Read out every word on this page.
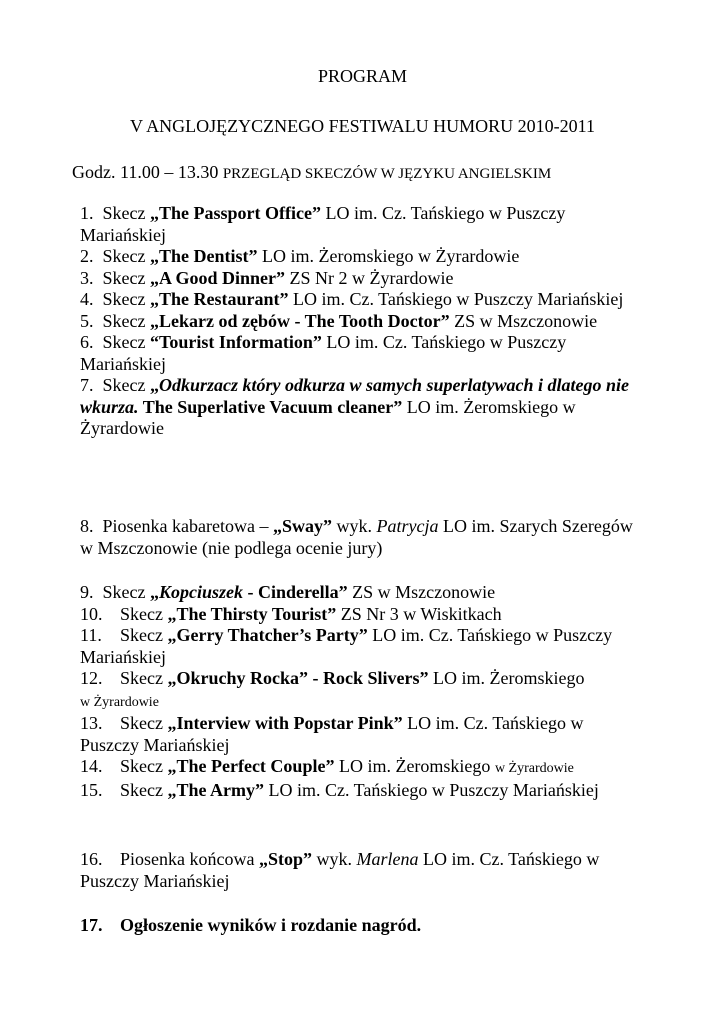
PROGRAM
V ANGLOJĘZYCZNEGO FESTIWALU HUMORU 2010-2011
Godz. 11.00 – 13.30 PRZEGLĄD SKECZÓW W JĘZYKU ANGIELSKIM

1. Skecz „The Passport Office” LO im. Cz. Tańskiego w Puszczy Mariańskiej

2. Skecz „The Dentist” LO im. Żeromskiego w Żyrardowie

3. Skecz „A Good Dinner” ZS Nr 2 w Żyrardowie

4. Skecz „The Restaurant” LO im. Cz. Tańskiego w Puszczy Mariańskiej

5. Skecz „Lekarz od zębów - The Tooth Doctor” ZS w Mszczonowie

6. Skecz “Tourist Information” LO im. Cz. Tańskiego w Puszczy Mariańskiej

7. Skecz „Odkurzacz który odkurza w samych superlatywach i dlatego nie wkurza. The Superlative Vacuum cleaner” LO im. Żeromskiego w Żyrardowie

8. Piosenka kabaretowa – „Sway” wyk. Patrycja LO im. Szarych Szeregów w Mszczonowie (nie podlega ocenie jury)

9. Skecz „Kopciuszek - Cinderella” ZS w Mszczonowie

10. Skecz „The Thirsty Tourist” ZS Nr 3 w Wiskitkach

11. Skecz „Gerry Thatcher’s Party” LO im. Cz. Tańskiego w Puszczy Mariańskiej

12. Skecz „Okruchy Rocka” - Rock Slivers” LO im. Żeromskiego
w Żyrardowie

13. Skecz „Interview with Popstar Pink” LO im. Cz. Tańskiego w Puszczy Mariańskiej

14. Skecz „The Perfect Couple” LO im. Żeromskiego w Żyrardowie

15. Skecz „The Army” LO im. Cz. Tańskiego w Puszczy Mariańskiej

16. Piosenka końcowa „Stop” wyk. Marlena LO im. Cz. Tańskiego w Puszczy Mariańskiej

17. Ogłoszenie wyników i rozdanie nagród.
